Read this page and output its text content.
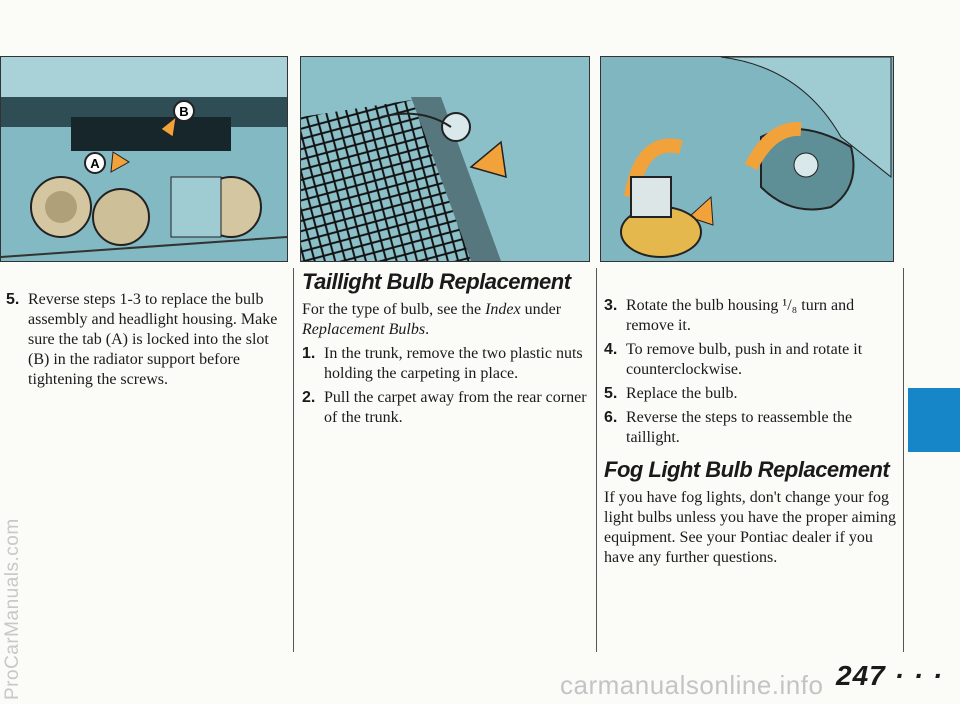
B
A
5. Reverse steps 1-3 to replace the bulb assembly and headlight housing. Make sure the tab (A) is locked into the slot (B) in the radiator support before tightening the screws.
Taillight Bulb Replacement

For the type of bulb, see the Index under Replacement Bulbs.

1. In the trunk, remove the two plastic nuts holding the carpeting in place.
2. Pull the carpet away from the rear corner of the trunk.
3. Rotate the bulb housing ¹/₈ turn and remove it.
4. To remove bulb, push in and rotate it counterclockwise.
5. Replace the bulb.
6. Reverse the steps to reassemble the taillight.
Fog Light Bulb Replacement

If you have fog lights, don't change your fog light bulbs unless you have the proper aiming equipment. See your Pontiac dealer if you have any further questions.

247 · · ·
ProCarManuals.com	carmanualsonline.info
